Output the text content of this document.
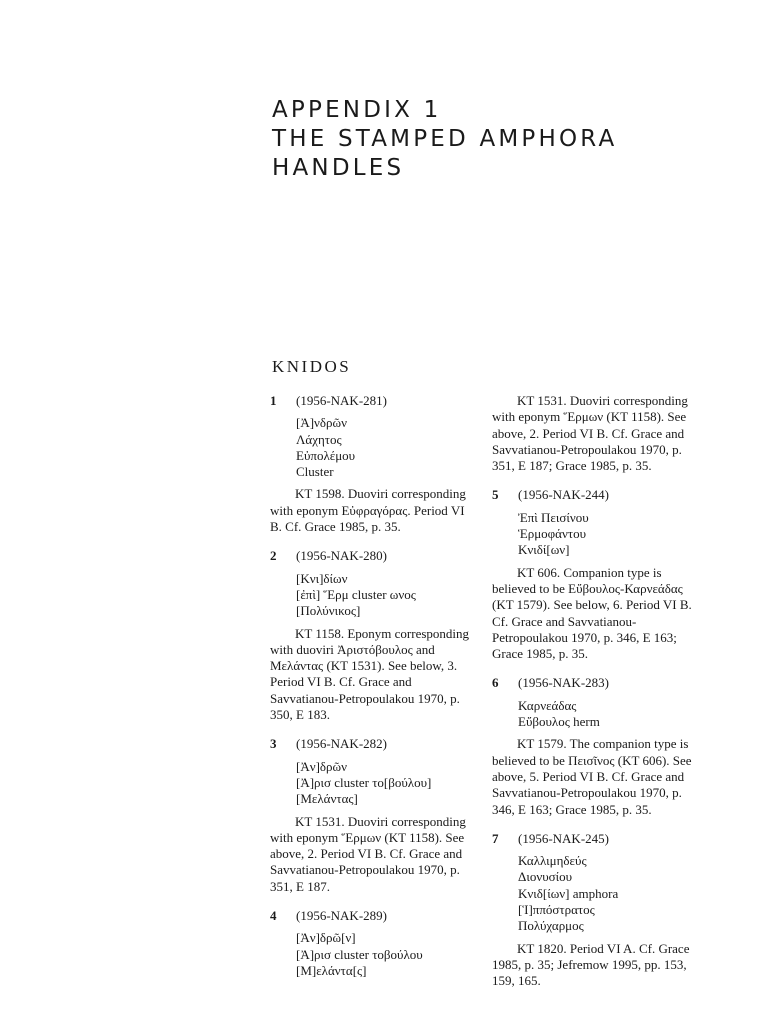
APPENDIX 1
THE STAMPED AMPHORA
HANDLES
KNIDOS
1	(1956-NAK-281)
[Ἀ]νδρῶν
Λάχητος
Εὐπολέμου
Cluster

KT 1598. Duoviri corresponding with eponym Εὐφραγόρας. Period VI B. Cf. Grace 1985, p. 35.

2	(1956-NAK-280)
[Κνι]δίων
[ἐπὶ] Ἕρμ cluster ωνος
[Πολύνικος]

KT 1158. Eponym corresponding with duoviri Ἀριστόβουλος and Μελάντας (KT 1531). See below, 3. Period VI B. Cf. Grace and Savvatianou-Petropoulakou 1970, p. 350, E 183.

3	(1956-NAK-282)
[Ἀν]δρῶν
[Ἀ]ρισ cluster το[βούλου]
[Μελάντας]

KT 1531. Duoviri corresponding with eponym Ἕρμων (KT 1158). See above, 2. Period VI B. Cf. Grace and Savvatianou-Petropoulakou 1970, p. 351, E 187.

4	(1956-NAK-289)
[Ἀν]δρῶ[ν]
[Ἀ]ρισ cluster τοβούλου
[Μ]ελάντα[ς]

KT 1531. Duoviri corresponding with eponym Ἕρμων (KT 1158). See above, 2. Period VI B. Cf. Grace and Savvatianou-Petropoulakou 1970, p. 351, E 187; Grace 1985, p. 35.

5	(1956-NAK-244)
Ἐπὶ Πεισίνου
Ἑρμοφάντου
Κνιδί[ων]

KT 606. Companion type is believed to be Εὔβουλος-Καρνεάδας (KT 1579). See below, 6. Period VI B. Cf. Grace and Savvatianou-Petropoulakou 1970, p. 346, E 163; Grace 1985, p. 35.

6	(1956-NAK-283)
Καρνεάδας
Εὔβουλος herm

KT 1579. The companion type is believed to be Πεισῖνος (KT 606). See above, 5. Period VI B. Cf. Grace and Savvatianou-Petropoulakou 1970, p. 346, E 163; Grace 1985, p. 35.

7	(1956-NAK-245)
Καλλιμηδεύς
Διονυσίου
Κνιδ[ίων] amphora
[Ἱ]ππόστρατος
Πολύχαρμος

KT 1820. Period VI A. Cf. Grace 1985, p. 35; Jefremow 1995, pp. 153, 159, 165.
